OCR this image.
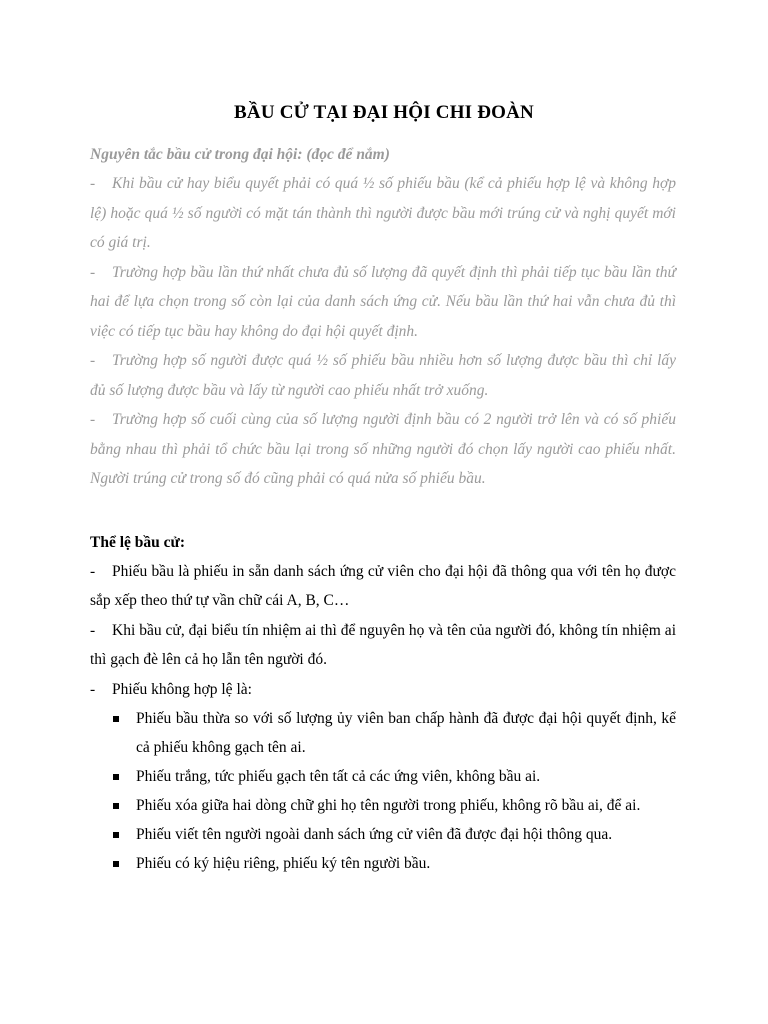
BẦU CỬ TẠI ĐẠI HỘI CHI ĐOÀN

Nguyên tắc bầu cử trong đại hội: (đọc để nắm)

- Khi bầu cử hay biểu quyết phải có quá ½ số phiếu bầu (kể cả phiếu hợp lệ và không hợp lệ) hoặc quá ½ số người có mặt tán thành thì người được bầu mới trúng cử và nghị quyết mới có giá trị.

- Trường hợp bầu lần thứ nhất chưa đủ số lượng đã quyết định thì phải tiếp tục bầu lần thứ hai để lựa chọn trong số còn lại của danh sách ứng cử. Nếu bầu lần thứ hai vẫn chưa đủ thì việc có tiếp tục bầu hay không do đại hội quyết định.

- Trường hợp số người được quá ½ số phiếu bầu nhiều hơn số lượng được bầu thì chỉ lấy đủ số lượng được bầu và lấy từ người cao phiếu nhất trở xuống.

- Trường hợp số cuối cùng của số lượng người định bầu có 2 người trở lên và có số phiếu bằng nhau thì phải tổ chức bầu lại trong số những người đó chọn lấy người cao phiếu nhất. Người trúng cử trong số đó cũng phải có quá nửa số phiếu bầu.

Thể lệ bầu cử:

- Phiếu bầu là phiếu in sẵn danh sách ứng cử viên cho đại hội đã thông qua với tên họ được sắp xếp theo thứ tự vần chữ cái A, B, C…

- Khi bầu cử, đại biểu tín nhiệm ai thì để nguyên họ và tên của người đó, không tín nhiệm ai thì gạch đè lên cả họ lẫn tên người đó.

- Phiếu không hợp lệ là:

Phiếu bầu thừa so với số lượng ủy viên ban chấp hành đã được đại hội quyết định, kể cả phiếu không gạch tên ai.
Phiếu trắng, tức phiếu gạch tên tất cả các ứng viên, không bầu ai.
Phiếu xóa giữa hai dòng chữ ghi họ tên người trong phiếu, không rõ bầu ai, để ai.
Phiếu viết tên người ngoài danh sách ứng cử viên đã được đại hội thông qua.
Phiếu có ký hiệu riêng, phiếu ký tên người bầu.
